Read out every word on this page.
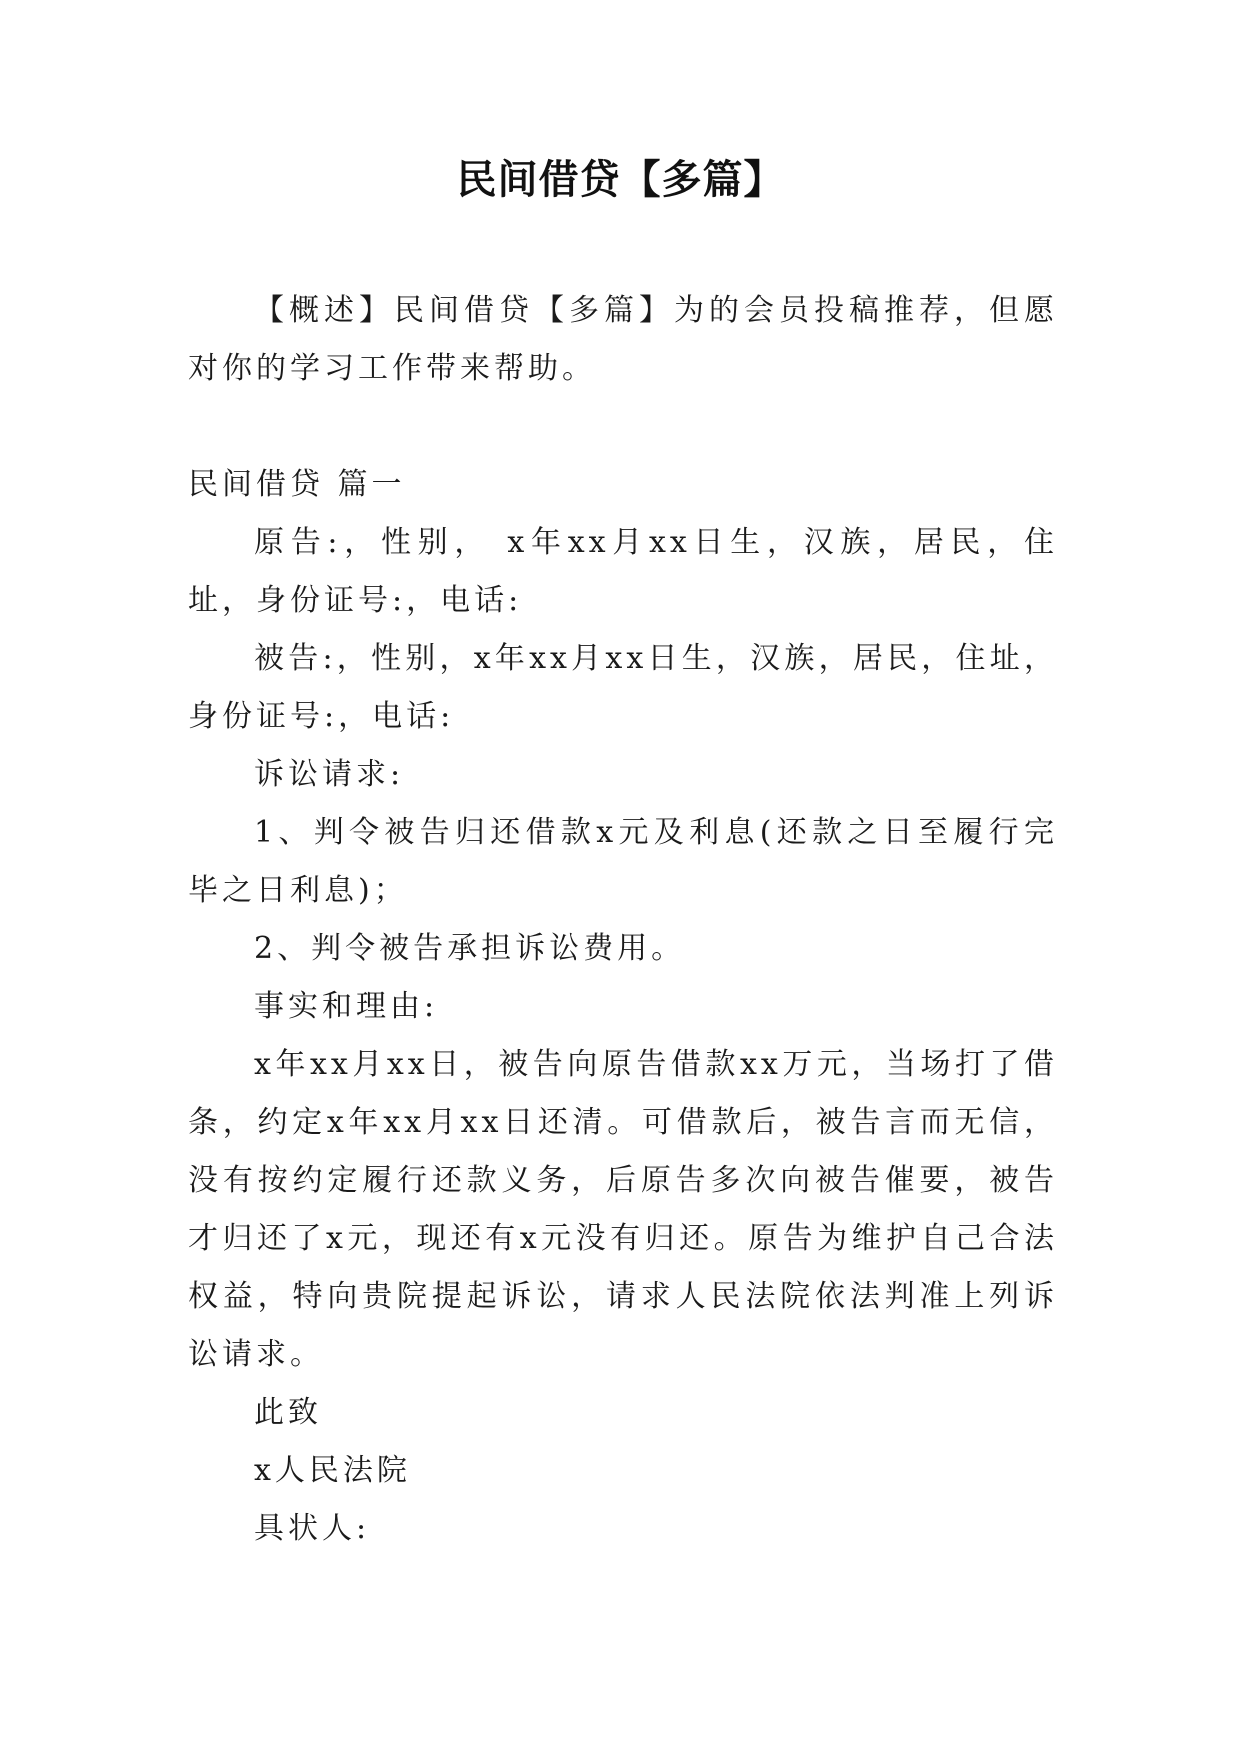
民间借贷【多篇】

【概述】民间借贷【多篇】为的会员投稿推荐，但愿对你的学习工作带来帮助。

民间借贷 篇一

原告:，性别， x年xx月xx日生，汉族，居民，住址，身份证号:，电话:

被告:，性别，x年xx月xx日生，汉族，居民，住址，身份证号:，电话:

诉讼请求:

1、判令被告归还借款x元及利息(还款之日至履行完毕之日利息)；

2、判令被告承担诉讼费用。

事实和理由:

x年xx月xx日，被告向原告借款xx万元，当场打了借条，约定x年xx月xx日还清。可借款后，被告言而无信，没有按约定履行还款义务，后原告多次向被告催要，被告才归还了x元，现还有x元没有归还。原告为维护自己合法权益，特向贵院提起诉讼，请求人民法院依法判准上列诉讼请求。

此致

x人民法院

具状人:
